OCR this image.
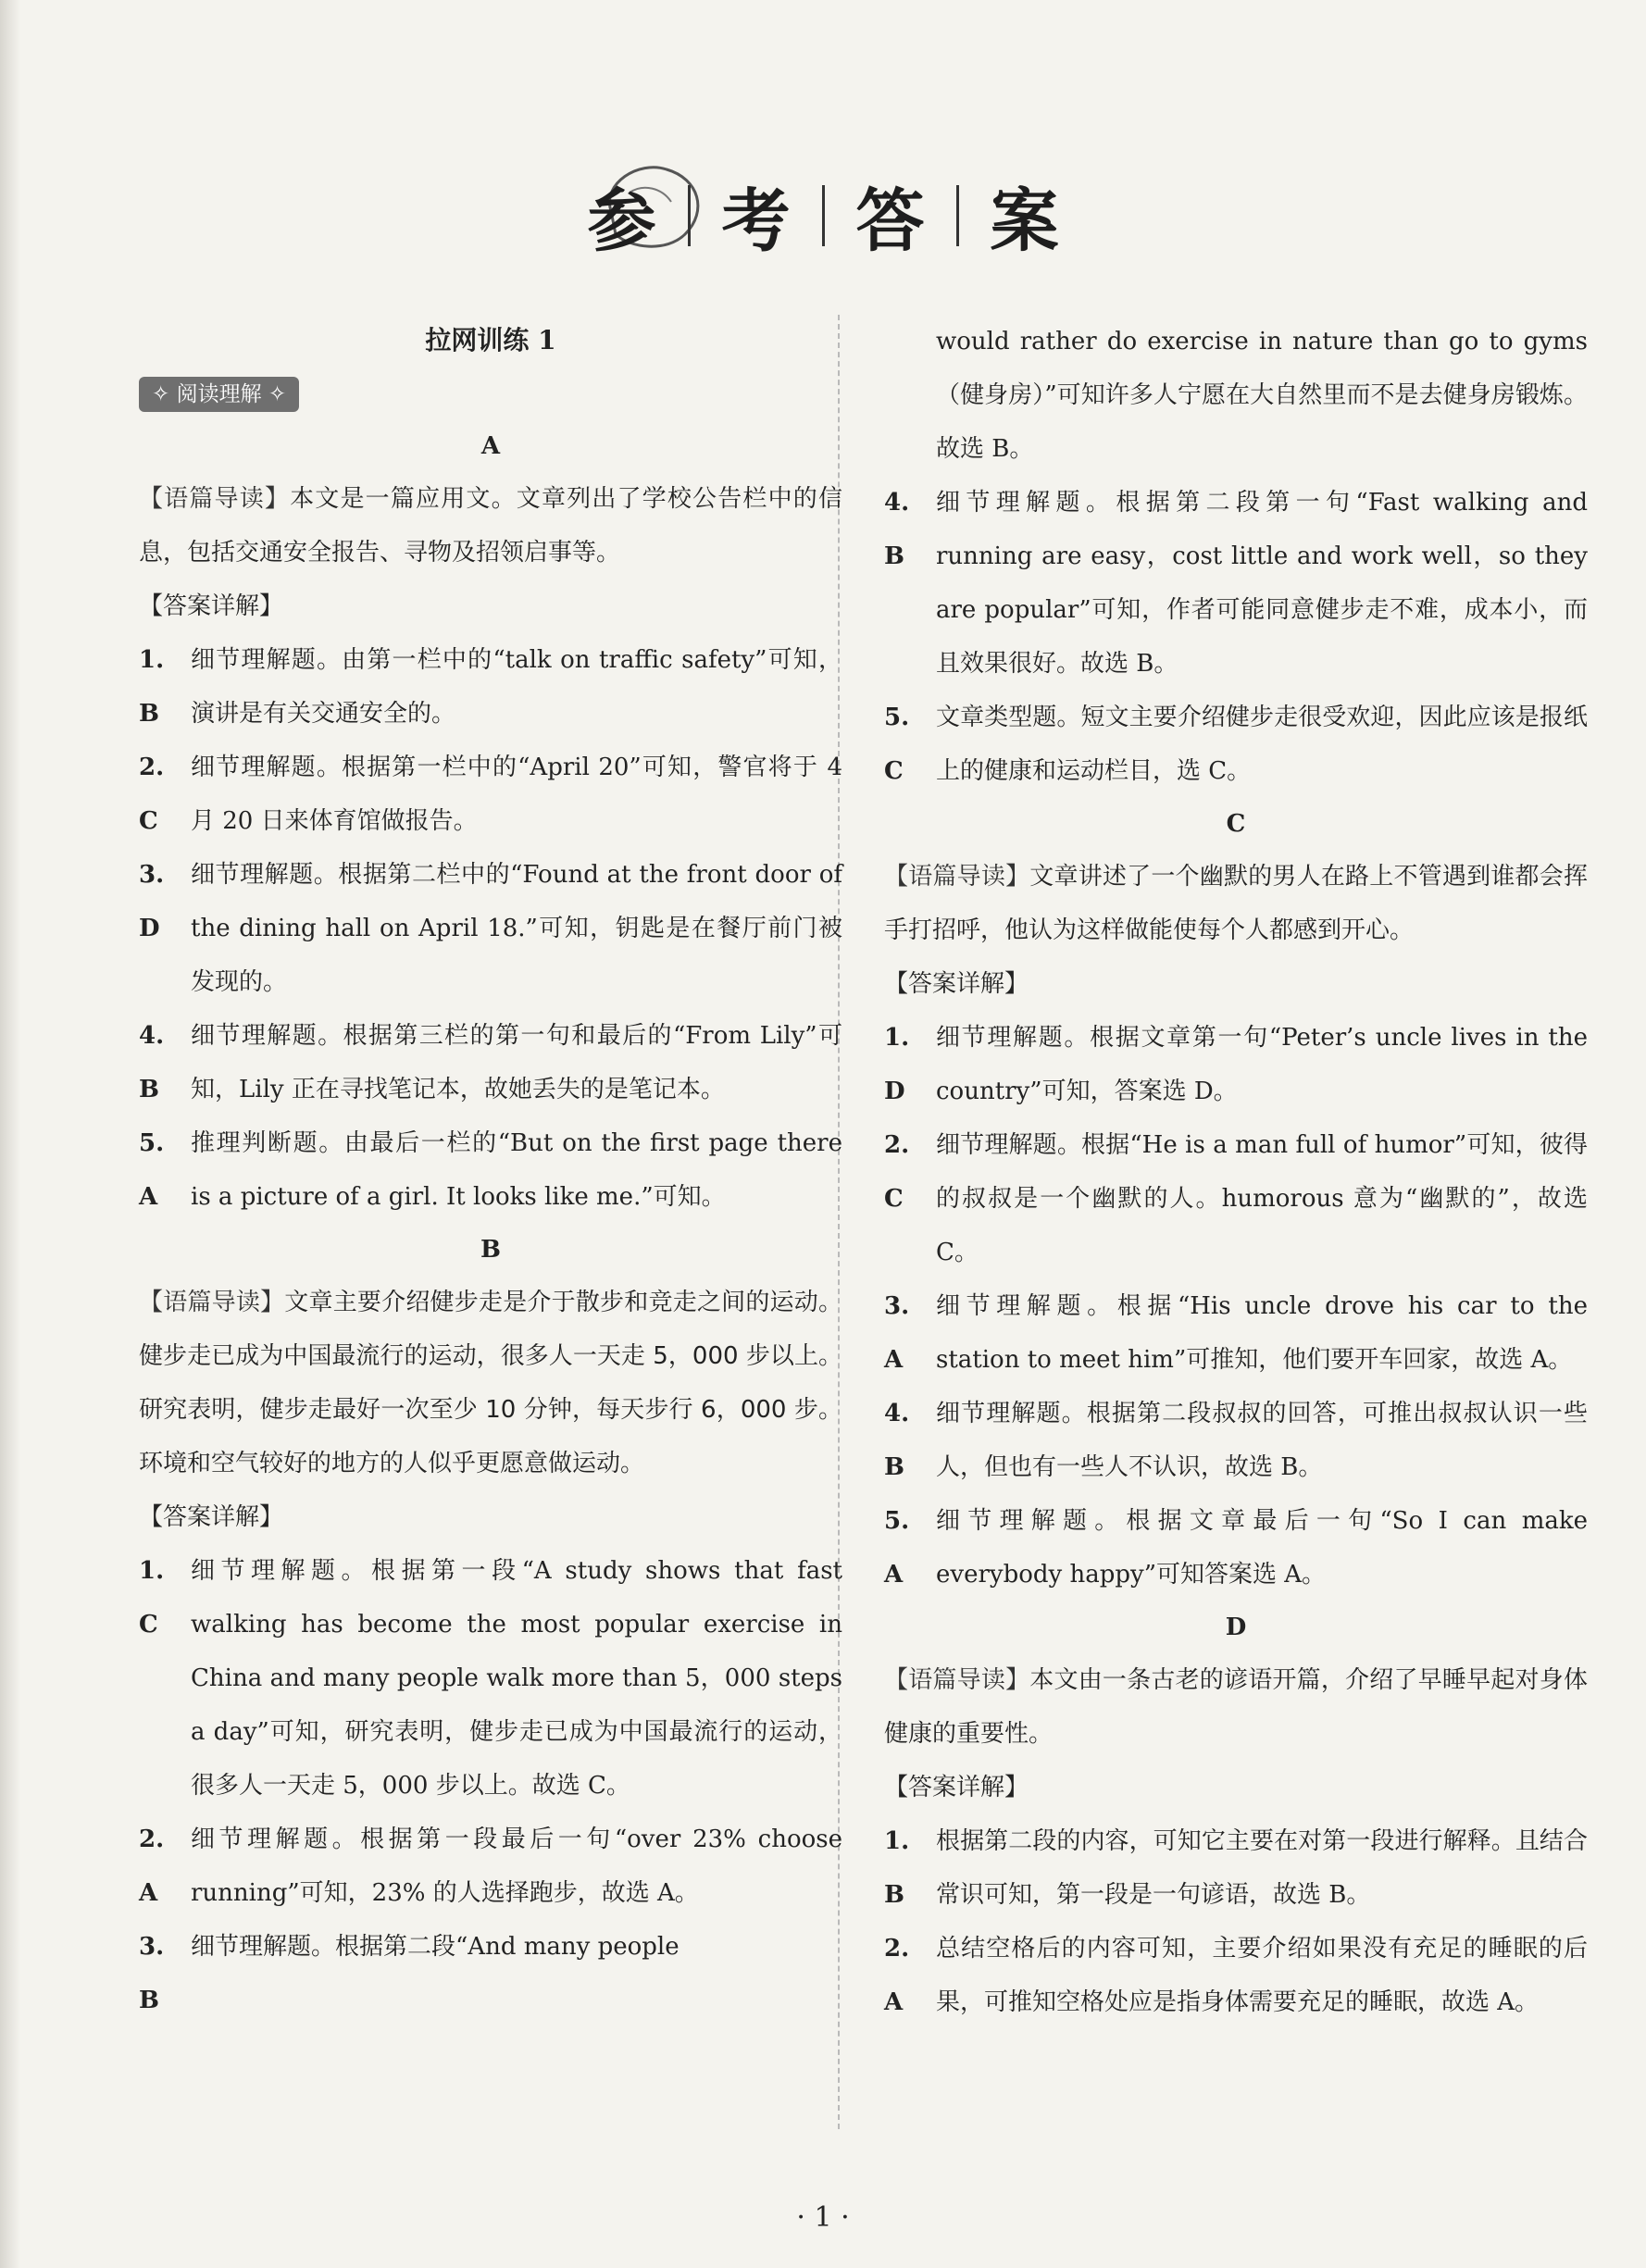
参 考 答 案
拉网训练 1
✧ 阅读理解 ✧
A

【语篇导读】本文是一篇应用文。文章列出了学校公告栏中的信息，包括交通安全报告、寻物及招领启事等。

【答案详解】
1. B
细节理解题。由第一栏中的“talk on traffic safety”可知，演讲是有关交通安全的。
2. C
细节理解题。根据第一栏中的“April 20”可知，警官将于 4 月 20 日来体育馆做报告。
3. D
细节理解题。根据第二栏中的“Found at the front door of the dining hall on April 18.”可知，钥匙是在餐厅前门被发现的。
4. B
细节理解题。根据第三栏的第一句和最后的“From Lily”可知，Lily 正在寻找笔记本，故她丢失的是笔记本。
5. A
推理判断题。由最后一栏的“But on the first page there is a picture of a girl. It looks like me.”可知。
B

【语篇导读】文章主要介绍健步走是介于散步和竞走之间的运动。健步走已成为中国最流行的运动，很多人一天走 5，000 步以上。研究表明，健步走最好一次至少 10 分钟，每天步行 6，000 步。环境和空气较好的地方的人似乎更愿意做运动。

【答案详解】
1. C
细节理解题。根据第一段“A study shows that fast walking has become the most popular exercise in China and many people walk more than 5，000 steps a day”可知，研究表明，健步走已成为中国最流行的运动，很多人一天走 5，000 步以上。故选 C。
2. A
细节理解题。根据第一段最后一句“over 23% choose running”可知，23% 的人选择跑步，故选 A。
3. B
细节理解题。根据第二段“And many people

would rather do exercise in nature than go to gyms（健身房）”可知许多人宁愿在大自然里而不是去健身房锻炼。故选 B。

4. B
细节理解题。根据第二段第一句“Fast walking and running are easy，cost little and work well，so they are popular”可知，作者可能同意健步走不难，成本小，而且效果很好。故选 B。
5. C
文章类型题。短文主要介绍健步走很受欢迎，因此应该是报纸上的健康和运动栏目，选 C。
C

【语篇导读】文章讲述了一个幽默的男人在路上不管遇到谁都会挥手打招呼，他认为这样做能使每个人都感到开心。

【答案详解】
1. D
细节理解题。根据文章第一句“Peter’s uncle lives in the country”可知，答案选 D。
2. C
细节理解题。根据“He is a man full of humor”可知，彼得的叔叔是一个幽默的人。humorous 意为“幽默的”，故选 C。
3. A
细节理解题。根据“His uncle drove his car to the station to meet him”可推知，他们要开车回家，故选 A。
4. B
细节理解题。根据第二段叔叔的回答，可推出叔叔认识一些人，但也有一些人不认识，故选 B。
5. A
细节理解题。根据文章最后一句“So I can make everybody happy”可知答案选 A。
D

【语篇导读】本文由一条古老的谚语开篇，介绍了早睡早起对身体健康的重要性。

【答案详解】
1. B
根据第二段的内容，可知它主要在对第一段进行解释。且结合常识可知，第一段是一句谚语，故选 B。
2. A
总结空格后的内容可知，主要介绍如果没有充足的睡眠的后果，可推知空格处应是指身体需要充足的睡眠，故选 A。
· 1 ·
